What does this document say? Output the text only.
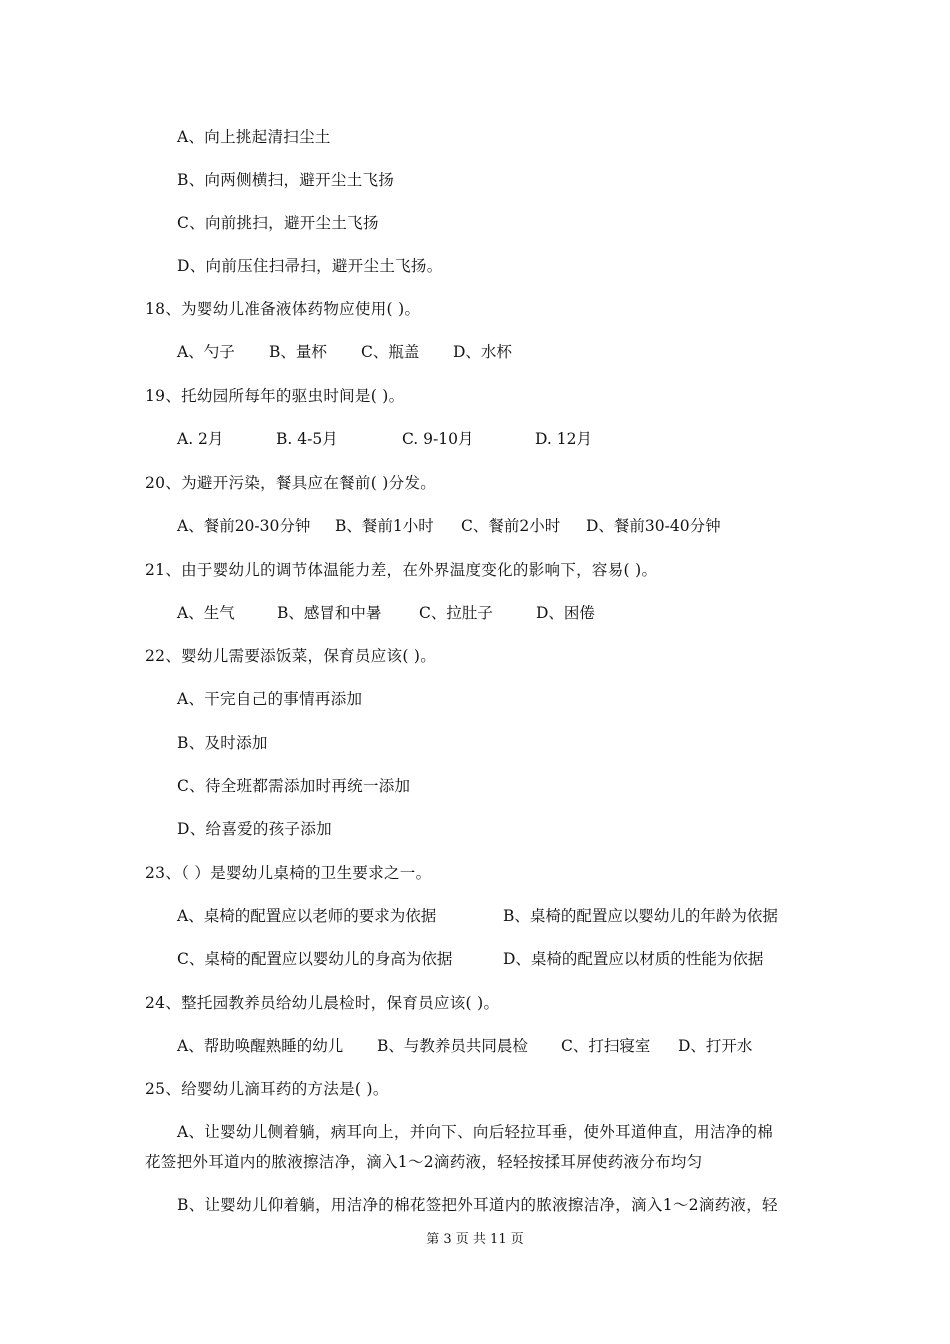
A、向上挑起清扫尘土
B、向两侧横扫，避开尘土飞扬
C、向前挑扫，避开尘土飞扬
D、向前压住扫帚扫，避开尘土飞扬。
18、为婴幼儿准备液体药物应使用( )。
A、勺子 B、量杯 C、瓶盖 D、水杯
19、托幼园所每年的驱虫时间是( )。
A. 2月	B. 4-5月	C. 9-10月	D. 12月
20、为避开污染，餐具应在餐前( )分发。
A、餐前20-30分钟 B、餐前1小时 C、餐前2小时 D、餐前30-40分钟
21、由于婴幼儿的调节体温能力差，在外界温度变化的影响下，容易( )。
A、生气	B、感冒和中暑 C、拉肚子	D、困倦
22、婴幼儿需要添饭菜，保育员应该( )。
A、干完自己的事情再添加
B、及时添加
C、待全班都需添加时再统一添加
D、给喜爱的孩子添加
23、（ ）是婴幼儿桌椅的卫生要求之一。
A、桌椅的配置应以老师的要求为依据	B、桌椅的配置应以婴幼儿的年龄为依据
C、桌椅的配置应以婴幼儿的身高为依据	D、桌椅的配置应以材质的性能为依据
24、整托园教养员给幼儿晨检时，保育员应该( )。
A、帮助唤醒熟睡的幼儿 B、与教养员共同晨检 C、打扫寝室 D、打开水
25、给婴幼儿滴耳药的方法是( )。
A、让婴幼儿侧着躺，病耳向上，并向下、向后轻拉耳垂，使外耳道伸直，用洁净的棉
花签把外耳道内的脓液擦洁净，滴入1～2滴药液，轻轻按揉耳屏使药液分布均匀
B、让婴幼儿仰着躺，用洁净的棉花签把外耳道内的脓液擦洁净，滴入1～2滴药液，轻
第 3 页 共 11 页
